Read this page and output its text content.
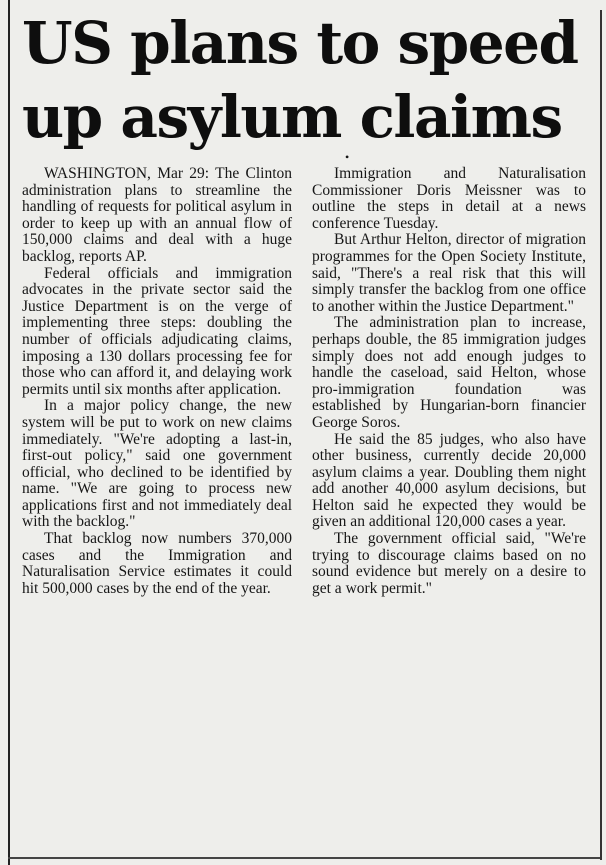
US plans to speed
up asylum claims
•

WASHINGTON, Mar 29: The Clinton administration plans to streamline the handling of requests for political asylum in order to keep up with an annual flow of 150,000 claims and deal with a huge backlog, reports AP.

Federal officials and immigration advocates in the private sector said the Justice Department is on the verge of implementing three steps: doubling the number of officials adjudicating claims, imposing a 130 dollars processing fee for those who can afford it, and delaying work permits until six months after application.

In a major policy change, the new system will be put to work on new claims immediately. "We're adopting a last-in, first-out policy," said one government official, who declined to be identified by name. "We are going to process new applications first and not immediately deal with the backlog."

That backlog now numbers 370,000 cases and the Immigration and Naturalisation Service estimates it could hit 500,000 cases by the end of the year.

Immigration and Naturalisation Commissioner Doris Meissner was to outline the steps in detail at a news conference Tuesday.

But Arthur Helton, director of migration programmes for the Open Society Institute, said, "There's a real risk that this will simply transfer the backlog from one office to another within the Justice Department."

The administration plan to increase, perhaps double, the 85 immigration judges simply does not add enough judges to handle the caseload, said Helton, whose pro-immigration foundation was established by Hungarian-born financier George Soros.

He said the 85 judges, who also have other business, currently decide 20,000 asylum claims a year. Doubling them night add another 40,000 asylum decisions, but Helton said he expected they would be given an additional 120,000 cases a year.

The government official said, "We're trying to discourage claims based on no sound evidence but merely on a desire to get a work permit."
